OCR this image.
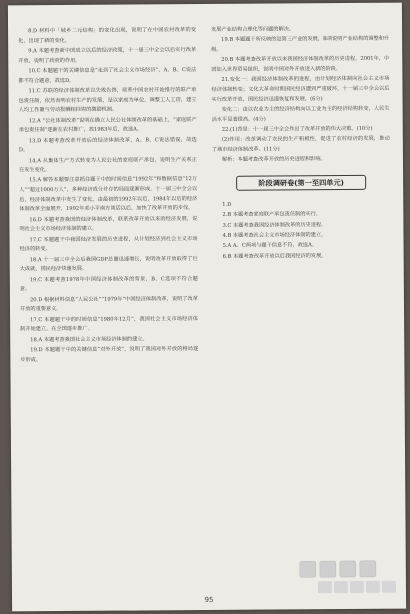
8.D 材料中「城乡二元结构」的变化出现，说明了在中国农村改革的变化，出现了新的变化。

9.A 本题考查新中国成立以后的经济政策，十一届三中全会以后实行改革开放，说明了政府的作用。

10.C 本题题干的关键信息是“走到了社会主义市场经济”，A、B、C说法都不符合题意，故选D。

11.C 苏联的经济体制改革以失败告终，联系中国农村开始推行的联产承包责任制，依然表明农村生产的发展，是以家庭为单位，调整工人工资，建立人均工作量与劳动报酬相挂钩的激励机制。

12.A “公社体制改革”说明在确立人民公社体制改革的基础上，“家庭联产承包责任制”逐渐在农村推广，故1983年后，故选A。

13.D 本题考查改革开放后的经济体制改革，A、B、C说法错误，故选D。

14.A 从集体生产方式转变为人民公社的家庭联产承包，说明生产关系正在发生变化。

15.A 解答本题要注意抓住题干中的时间信息“1992年”和数据信息“12万人”“超过1000万人”，多种经济成分并存的局面逐渐形成。十一届三中全会以后，经济体制改革中发生了变化，由最初的1992年以后，1984年以后的经济体制改革全面展开，1992年邓小平南方谈话以后，加快了改革开放的步伐。

16.D 本题考查我国的经济体制改革，联系改革开放以来的经济发展，说明社会主义市场经济体制的建立。

17.C 本题题干中我国经济发展的历史进程，从计划经济到社会主义市场经济的转变。

18.A 十一届三中全会后我国GDP总量迅速增长，说明改革开放取得了巨大成就，国民经济快速发展。

19.C 本题考查1978年中国经济体制改革的背景，B、C选项不符合题意。

20.D 根据材料信息“人民公社”“1979年”中国经济体制改革，说明了改革开放的重要意义。

17.C 本题题干中的时间信息“1980年12月”，我国社会主义市场经济体制开始建立，在全国逐步推广。

18.A 本题考查我国社会主义市场经济体制的建立。

19.D 本题题干中的关键信息“对外开放”，说明了我国对外开放的格局逐步形成。

发展产业结构合理化等问题的解决。

19.B 本题题干所反映的是第三产业的发展，B项说明产业结构的调整和升级。

20.B 本题考查改革开放以来我国经济体制改革的历史进程。2001年，中国加入世界贸易组织，说明中国对外开放进入新的阶段。

21.变化一：我国经济体制改革的进程，由计划经济体制向社会主义市场经济体制转变；文化大革命时期国民经济遭到严重破坏，十一届三中全会以后实行改革开放，国民经济迅速恢复和发展。(6分)

变化二：由以农业为主的经济结构向以工业为主的经济结构转变，人民生活水平显著提高。(4分)

22.(1)背景：十一届三中全会作出了改革开放的伟大决策。(10分)

(2)作用：改革调动了农民的生产积极性，促进了农村经济的发展，推动了城市经济体制改革。(11分)

解析：本题考查改革开放的历史进程和影响。

阶段调研卷(第一至四单元)

1.D

2.B 本题考查家庭联产承包责任制的实行。

3.C 本题考查我国经济体制改革的历史进程。

4.B 本题考查社会主义市场经济体制的建立。

5.A A、C两项与题干信息不符，故选A。

6.B 本题考查改革开放以后我国经济的发展。

95
